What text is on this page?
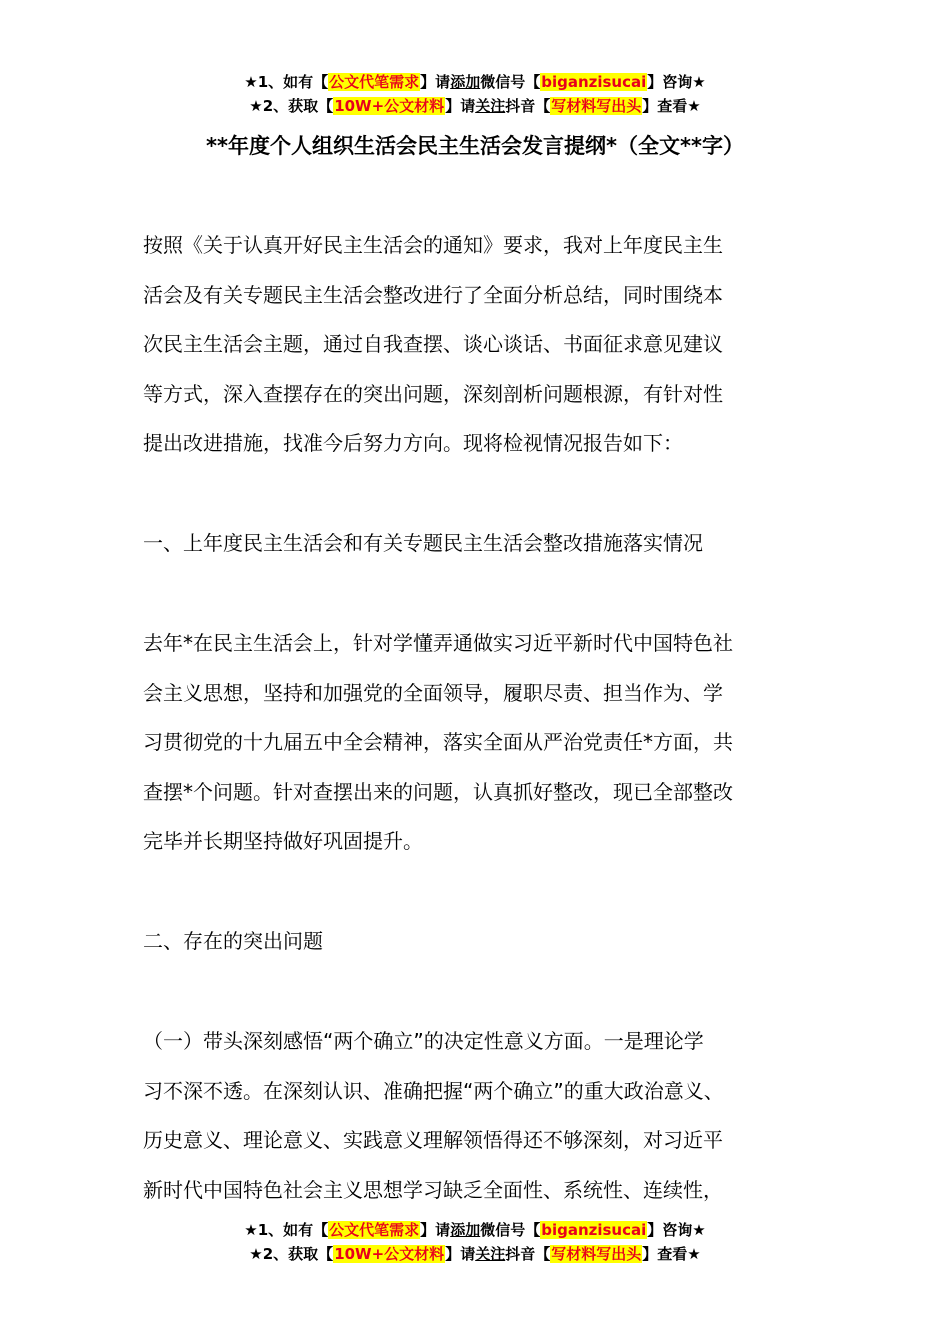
★1、如有【公文代笔需求】请添加微信号【biganzisucai】咨询★
★2、获取【10W+公文材料】请关注抖音【写材料写出头】查看★
**年度个人组织生活会民主生活会发言提纲*（全文**字）

按照《关于认真开好民主生活会的通知》要求，我对上年度民主生

活会及有关专题民主生活会整改进行了全面分析总结，同时围绕本

次民主生活会主题，通过自我查摆、谈心谈话、书面征求意见建议

等方式，深入查摆存在的突出问题，深刻剖析问题根源，有针对性

提出改进措施，找准今后努力方向。现将检视情况报告如下：

一、上年度民主生活会和有关专题民主生活会整改措施落实情况

去年*在民主生活会上，针对学懂弄通做实习近平新时代中国特色社

会主义思想，坚持和加强党的全面领导，履职尽责、担当作为、学

习贯彻党的十九届五中全会精神，落实全面从严治党责任*方面，共

查摆*个问题。针对查摆出来的问题，认真抓好整改，现已全部整改

完毕并长期坚持做好巩固提升。

二、存在的突出问题

（一）带头深刻感悟“两个确立”的决定性意义方面。一是理论学

习不深不透。在深刻认识、准确把握“两个确立”的重大政治意义、

历史意义、理论意义、实践意义理解领悟得还不够深刻，对习近平

新时代中国特色社会主义思想学习缺乏全面性、系统性、连续性，

★1、如有【公文代笔需求】请添加微信号【biganzisucai】咨询★
★2、获取【10W+公文材料】请关注抖音【写材料写出头】查看★
